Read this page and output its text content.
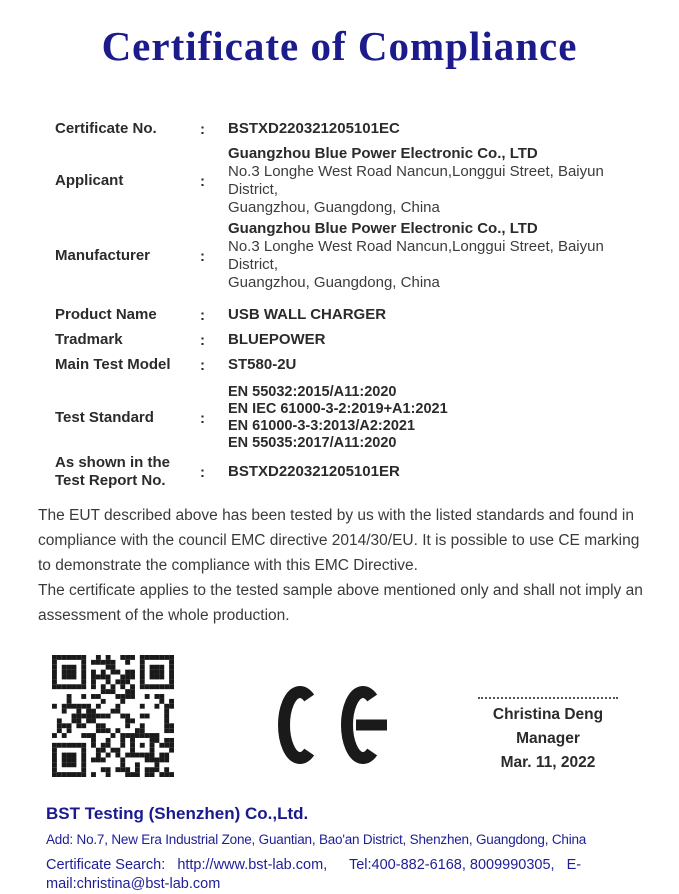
Certificate of Compliance
Certificate No.	:	BSTXD220321205101EC
Applicant	:
Guangzhou Blue Power Electronic Co., LTD
No.3 Longhe West Road Nancun,Longgui Street, Baiyun District,
Guangzhou, Guangdong, China
Manufacturer	:
Guangzhou Blue Power Electronic Co., LTD
No.3 Longhe West Road Nancun,Longgui Street, Baiyun District,
Guangzhou, Guangdong, China
Product Name	:	USB WALL CHARGER
Tradmark	:	BLUEPOWER
Main Test Model	:	ST580-2U
Test Standard	:
EN 55032:2015/A11:2020
EN IEC 61000-3-2:2019+A1:2021
EN 61000-3-3:2013/A2:2021
EN 55035:2017/A11:2020
As shown in the
Test Report No.	:	BSTXD220321205101ER

The EUT described above has been tested by us with the listed standards and found in compliance with the council EMC directive 2014/30/EU. It is possible to use CE marking to demonstrate the compliance with this EMC Directive.

The certificate applies to the tested sample above mentioned only and shall not imply an assessment of the whole production.

Christina Deng
Manager
Mar. 11, 2022
BST Testing (Shenzhen) Co.,Ltd.
Add: No.7, New Era Industrial Zone, Guantian, Bao'an District, Shenzhen, Guangdong, China
Certificate Search: http://www.bst-lab.com, Tel:400-882-6168, 8009990305, E-mail:christina@bst-lab.com
